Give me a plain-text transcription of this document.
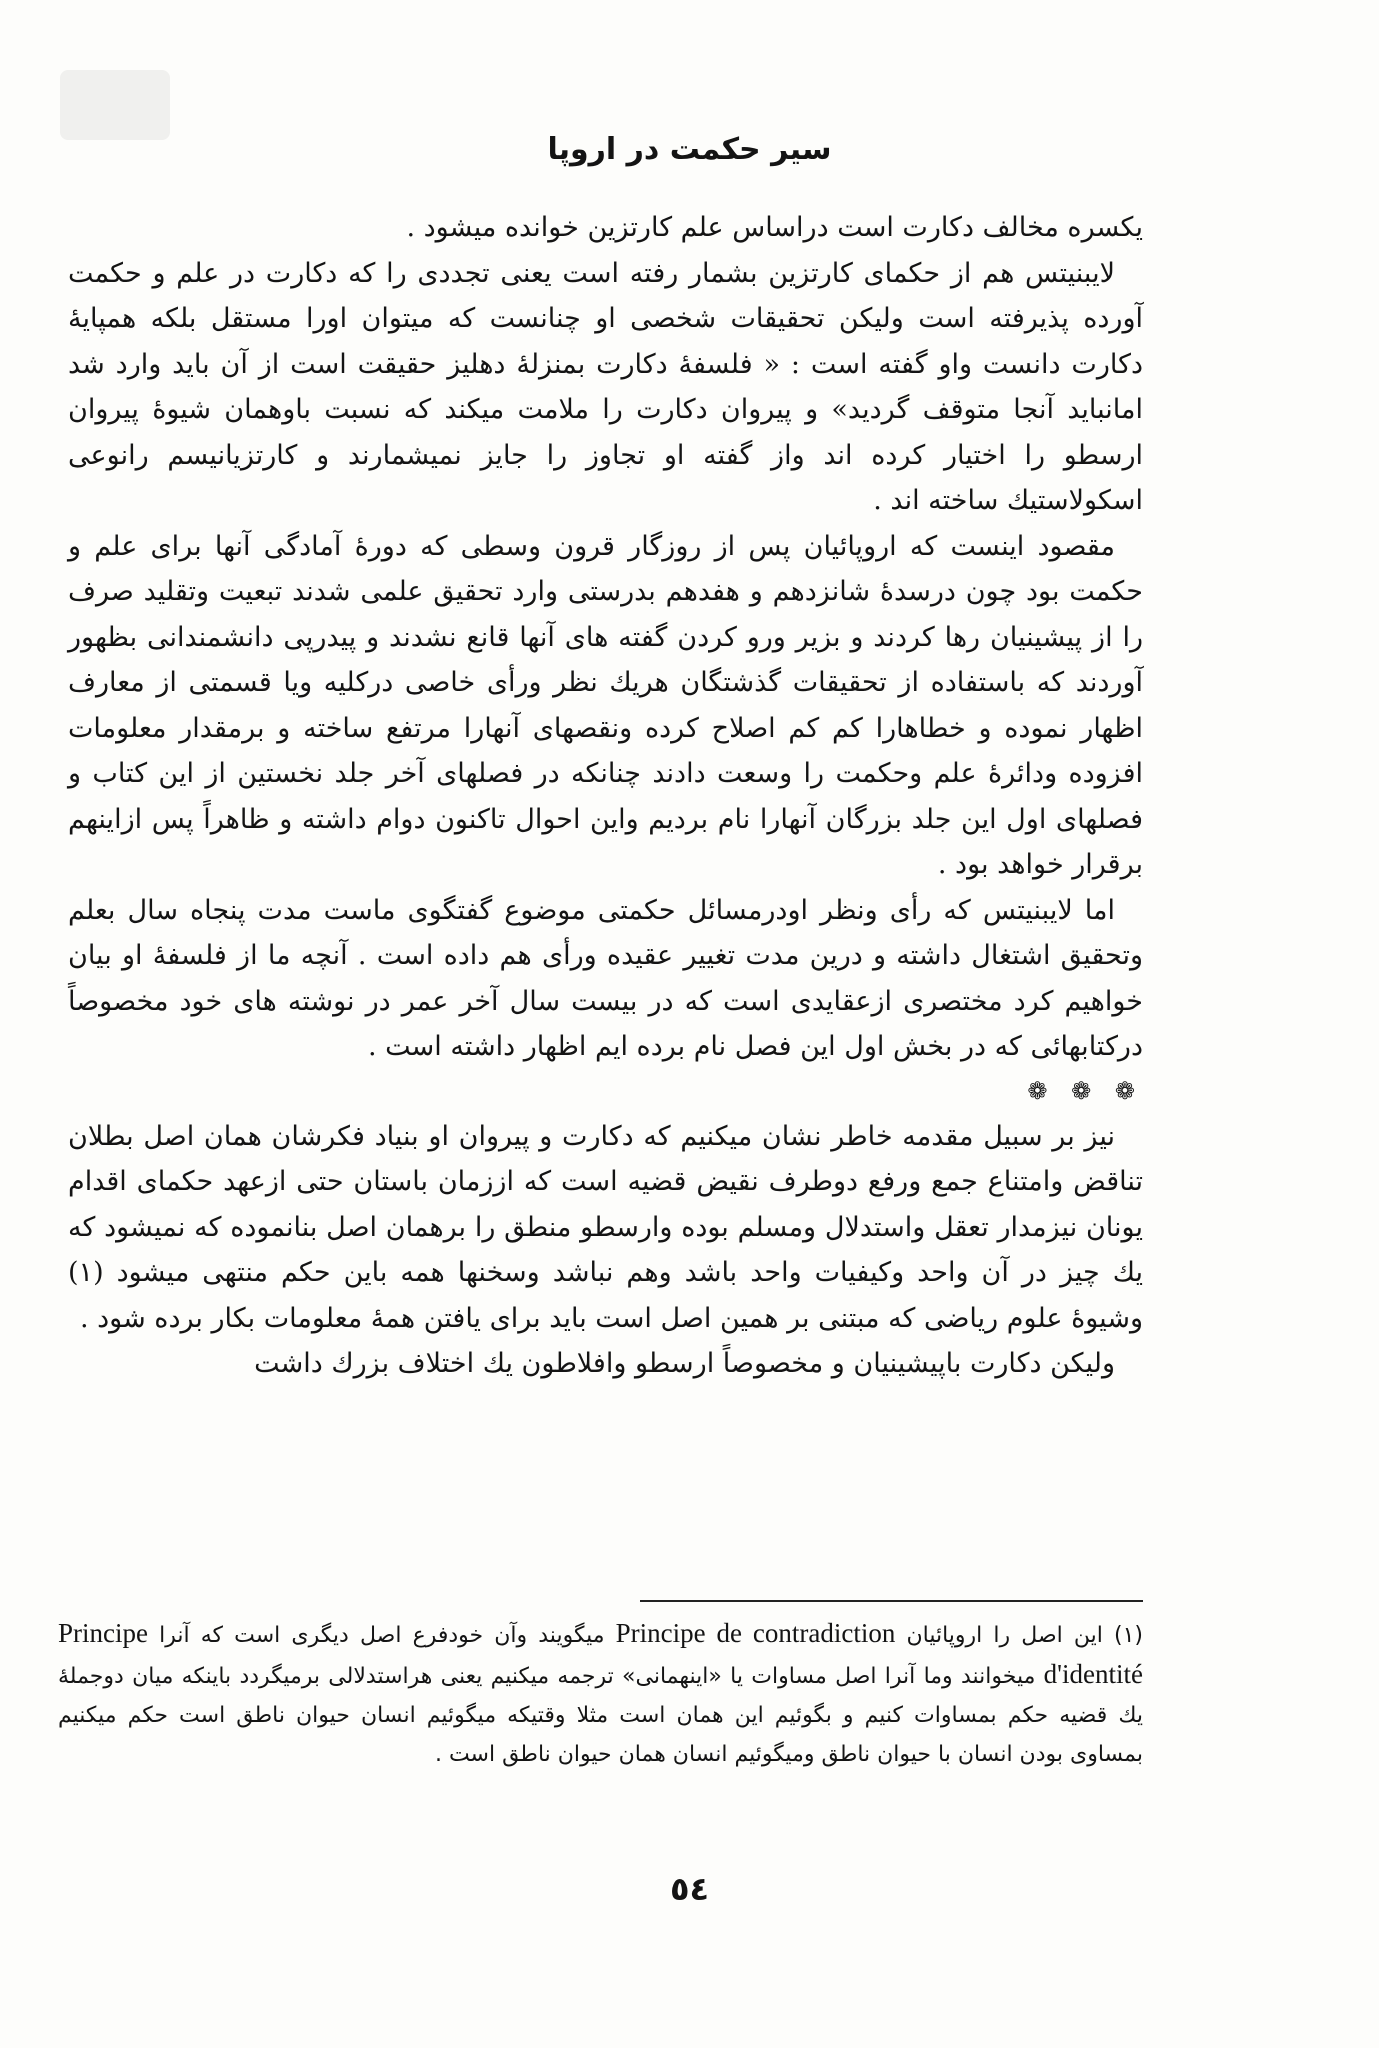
سیر حکمت در اروپا

یکسره مخالف دکارت است دراساس علم کارتزین خوانده میشود .

لایبنیتس هم از حکمای کارتزین بشمار رفته است یعنی تجددی را که دکارت در علم و حکمت آورده پذیرفته است ولیکن تحقیقات شخصی او چنانست که میتوان اورا مستقل بلکه همپایهٔ دکارت دانست واو گفته است : « فلسفهٔ دکارت بمنزلهٔ دهلیز حقیقت است از آن باید وارد شد امانباید آنجا متوقف گردید» و پیروان دکارت را ملامت میکند که نسبت باوهمان شیوهٔ پیروان ارسطو را اختیار کرده اند واز گفته او تجاوز را جایز نمیشمارند و کارتزیانیسم رانوعی اسکولاستیك ساخته اند .

مقصود اینست که اروپائیان پس از روزگار قرون وسطی که دورهٔ آمادگی آنها برای علم و حکمت بود چون درسدهٔ شانزدهم و هفدهم بدرستی وارد تحقیق علمی شدند تبعیت وتقلید صرف را از پیشینیان رها کردند و بزیر ورو کردن گفته های آنها قانع نشدند و پیدرپی دانشمندانی بظهور آوردند که باستفاده از تحقیقات گذشتگان هریك نظر ورأی خاصی درکلیه ویا قسمتی از معارف اظهار نموده و خطاهارا کم کم اصلاح کرده ونقصهای آنهارا مرتفع ساخته و برمقدار معلومات افزوده ودائرهٔ علم وحکمت را وسعت دادند چنانکه در فصلهای آخر جلد نخستین از این کتاب و فصلهای اول این جلد بزرگان آنهارا نام بردیم واین احوال تاکنون دوام داشته و ظاهراً پس ازاینهم برقرار خواهد بود .

اما لایبنیتس که رأی ونظر اودرمسائل حکمتی موضوع گفتگوی ماست مدت پنجاه سال بعلم وتحقیق اشتغال داشته و درین مدت تغییر عقیده ورأی هم داده است . آنچه ما از فلسفهٔ او بیان خواهیم کرد مختصری ازعقایدی است که در بیست سال آخر عمر در نوشته های خود مخصوصاً درکتابهائی که در بخش اول این فصل نام برده ایم اظهار داشته است .

❁ ❁ ❁

نیز بر سبیل مقدمه خاطر نشان میکنیم که دکارت و پیروان او بنیاد فکرشان همان اصل بطلان تناقض وامتناع جمع ورفع دوطرف نقیض قضیه است که اززمان باستان حتی ازعهد حکمای اقدام یونان نیزمدار تعقل واستدلال ومسلم بوده وارسطو منطق را برهمان اصل بنانموده که نمیشود که یك چیز در آن واحد وکیفیات واحد باشد وهم نباشد وسخنها همه باین حکم منتهی میشود (١) وشیوهٔ علوم ریاضی که مبتنی بر همین اصل است باید برای یافتن همهٔ معلومات بکار برده شود .

ولیکن دکارت باپیشینیان و مخصوصاً ارسطو وافلاطون یك اختلاف بزرك داشت

(١) این اصل را اروپائیان Principe de contradiction میگویند وآن خودفرع اصل دیگری است که آنرا Principe d'identité میخوانند وما آنرا اصل مساوات یا «اینهمانی» ترجمه میکنیم یعنی هراستدلالی برمیگردد باینکه میان دوجملهٔ یك قضیه حکم بمساوات کنیم و بگوئیم این همان است مثلا وقتیکه میگوئیم انسان حیوان ناطق است حکم میکنیم بمساوی بودن انسان با حیوان ناطق ومیگوئیم انسان همان حیوان ناطق است .

٥٤
